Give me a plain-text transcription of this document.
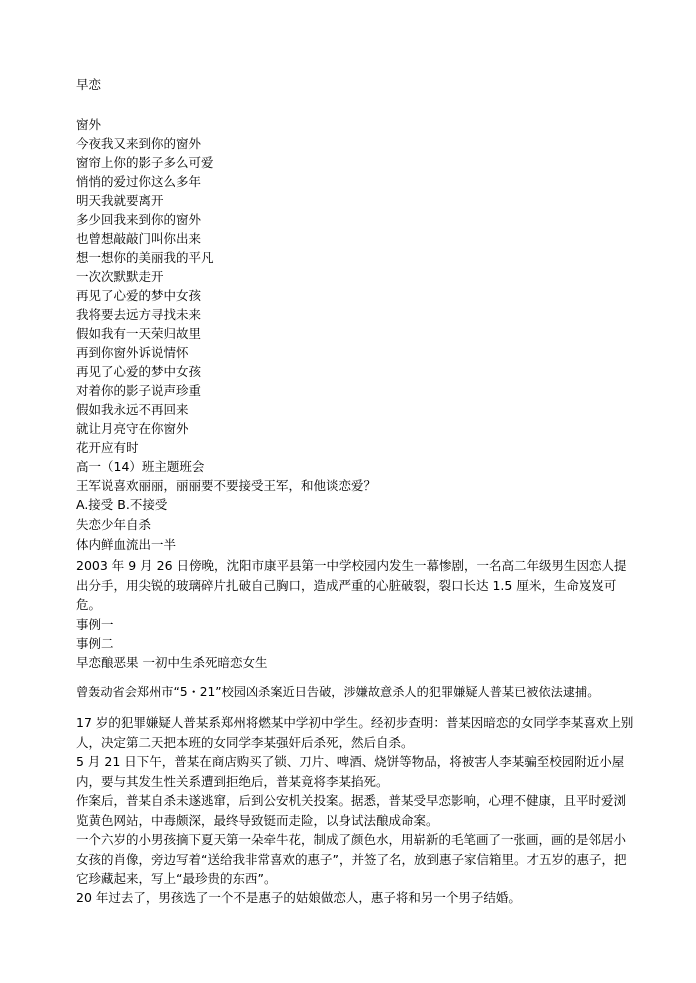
早恋
窗外
今夜我又来到你的窗外
窗帘上你的影子多么可爱
悄悄的爱过你这么多年
明天我就要离开
多少回我来到你的窗外
也曾想敲敲门叫你出来
想一想你的美丽我的平凡
一次次默默走开
再见了心爱的梦中女孩
我将要去远方寻找未来
假如我有一天荣归故里
再到你窗外诉说情怀
再见了心爱的梦中女孩
对着你的影子说声珍重
假如我永远不再回来
就让月亮守在你窗外
花开应有时
高一（14）班主题班会
王军说喜欢丽丽，丽丽要不要接受王军，和他谈恋爱？
A.接受 B.不接受
失恋少年自杀
体内鲜血流出一半
2003 年 9 月 26 日傍晚，沈阳市康平县第一中学校园内发生一幕惨剧，一名高二年级男生因恋人提出分手，用尖锐的玻璃碎片扎破自己胸口，造成严重的心脏破裂，裂口长达 1.5 厘米，生命岌岌可危。
事例一
事例二
早恋酿恶果 一初中生杀死暗恋女生
曾轰动省会郑州市“5・21”校园凶杀案近日告破，涉嫌故意杀人的犯罪嫌疑人普某已被依法逮捕。
17 岁的犯罪嫌疑人普某系郑州将燃某中学初中学生。经初步查明：普某因暗恋的女同学李某喜欢上别人，决定第二天把本班的女同学李某强奸后杀死，然后自杀。
5 月 21 日下午，普某在商店购买了锁、刀片、啤酒、烧饼等物品，将被害人李某骗至校园附近小屋内，要与其发生性关系遭到拒绝后，普某竟将李某掐死。
作案后，普某自杀未遂逃窜，后到公安机关投案。据悉，普某受早恋影响，心理不健康，且平时爱浏览黄色网站，中毒颇深，最终导致铤而走险，以身试法酿成命案。
一个六岁的小男孩摘下夏天第一朵牵牛花，制成了颜色水，用崭新的毛笔画了一张画，画的是邻居小女孩的肖像，旁边写着“送给我非常喜欢的惠子”，并签了名，放到惠子家信箱里。才五岁的惠子，把它珍藏起来，写上“最珍贵的东西”。
20 年过去了，男孩选了一个不是惠子的姑娘做恋人，惠子将和另一个男子结婚。
